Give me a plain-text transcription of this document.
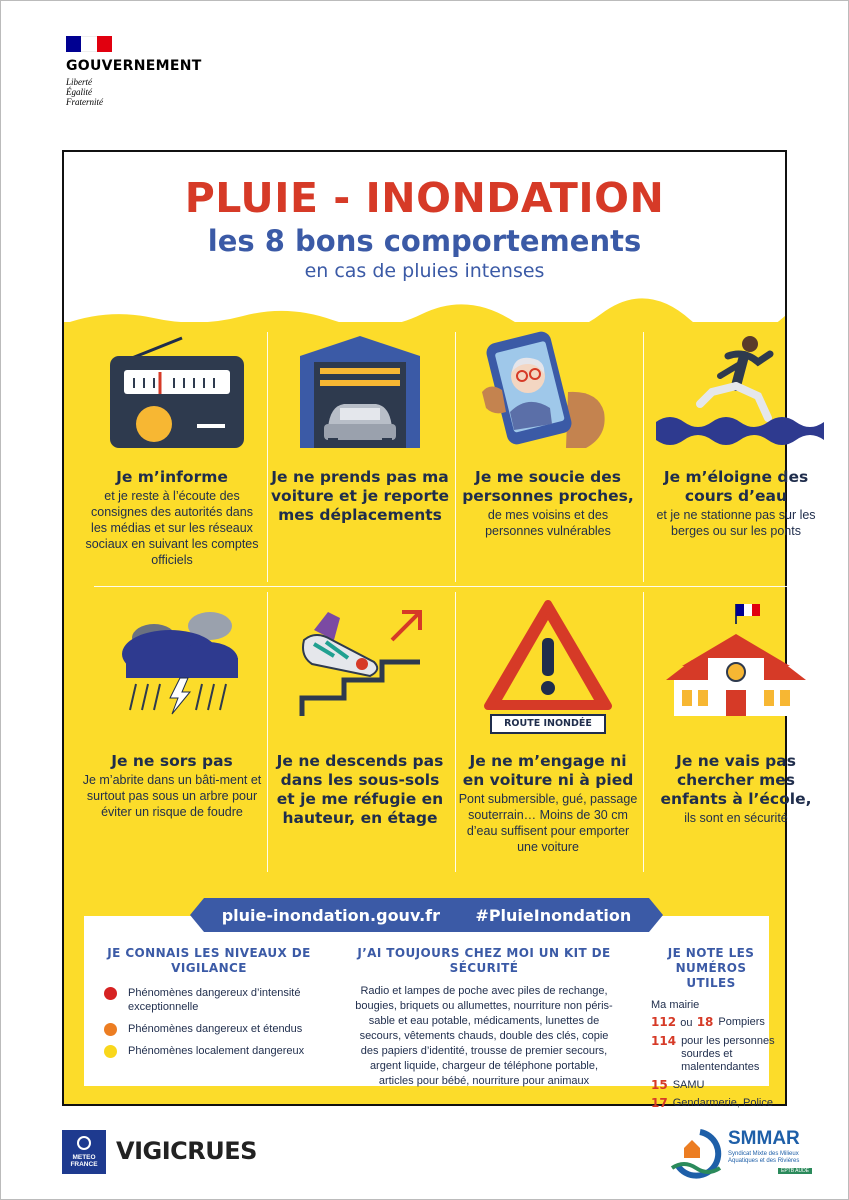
GOUVERNEMENT
Liberté
Égalité
Fraternité
PLUIE - INONDATION
les 8 bons comportements
en cas de pluies intenses
Je m’informe
et je reste à l’écoute des consignes des autorités dans les médias et sur les réseaux sociaux en suivant les comptes officiels
Je ne prends pas ma voiture et je reporte mes déplacements
Je me soucie des personnes proches,
de mes voisins et des personnes vulnérables
Je m’éloigne des cours d’eau
et je ne stationne pas sur les berges ou sur les ponts
Je ne sors pas
Je m’abrite dans un bâti-ment et surtout pas sous un arbre pour éviter un risque de foudre
Je ne descends pas dans les sous-sols et je me réfugie en hauteur, en étage
ROUTE INONDÉE
Je ne m’engage ni en voiture ni à pied
Pont submersible, gué, passage souterrain… Moins de 30 cm d’eau suffisent pour emporter une voiture
Je ne vais pas chercher mes enfants à l’école,
ils sont en sécurité
JE CONNAIS LES NIVEAUX DE VIGILANCE
Phénomènes dangereux d’intensité exceptionnelle
Phénomènes dangereux et étendus
Phénomènes localement dangereux
J’AI TOUJOURS CHEZ MOI UN KIT DE SÉCURITÉ

Radio et lampes de poche avec piles de rechange, bougies, briquets ou allumettes, nourriture non péris-sable et eau potable, médicaments, lunettes de secours, vêtements chauds, double des clés, copie des papiers d’identité, trousse de premier secours, argent liquide, chargeur de téléphone portable, articles pour bébé, nourriture pour animaux

JE NOTE LES NUMÉROS UTILES
Ma mairie
112 ou 18 Pompiers
114 pour les personnes sourdes et malentendantes
15 SAMU
17 Gendarmerie, Police
pluie-inondation.gouv.fr #PluieInondation
METEO FRANCE VIGICRUES	SMMAR
Syndicat Mixte des Milieux Aquatiques et des Rivières
EPTB AUDE
